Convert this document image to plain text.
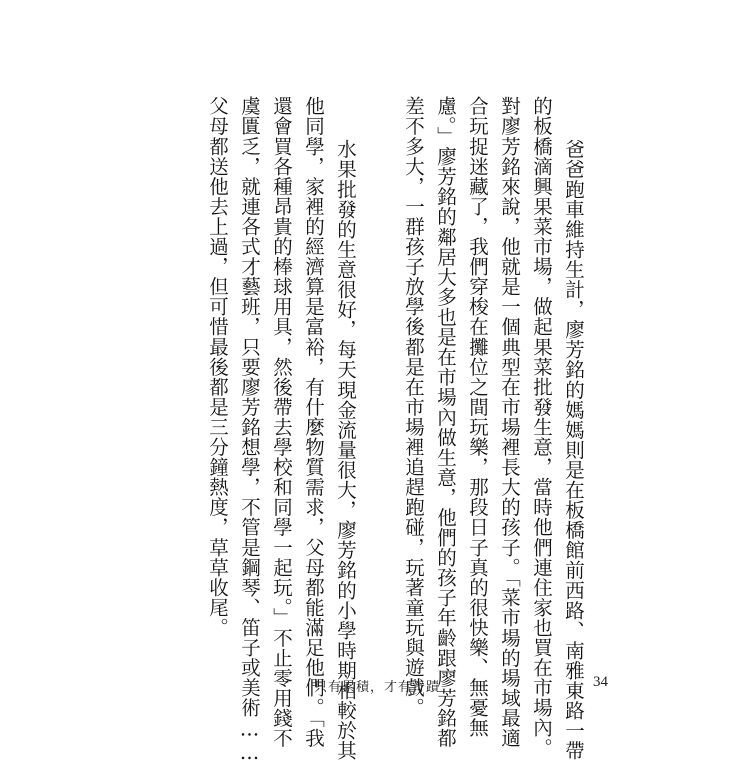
爸爸跑車維持生計，廖芳銘的媽媽則是在板橋館前西路、南雅東路一帶
的板橋滴興果菜市場，做起果菜批發生意，當時他們連住家也買在市場內。
對廖芳銘來說，他就是一個典型在市場裡長大的孩子。「菜市場的場域最適
合玩捉迷藏了，我們穿梭在攤位之間玩樂，那段日子真的很快樂、無憂無
慮。」廖芳銘的鄰居大多也是在市場內做生意，他們的孩子年齡跟廖芳銘都
差不多大，一群孩子放學後都是在市場裡追趕跑碰，玩著童玩與遊戲。
水果批發的生意很好，每天現金流量很大，廖芳銘的小學時期相較於其
他同學，家裡的經濟算是富裕，有什麼物質需求，父母都能滿足他們。「我
還會買各種昂貴的棒球用具，然後帶去學校和同學一起玩。」不止零用錢不
虞匱乏，就連各式才藝班，只要廖芳銘想學，不管是鋼琴、笛子或美術……
父母都送他去上過，但可惜最後都是三分鐘熱度，草草收尾。
只有累積，才有奇蹟	34
